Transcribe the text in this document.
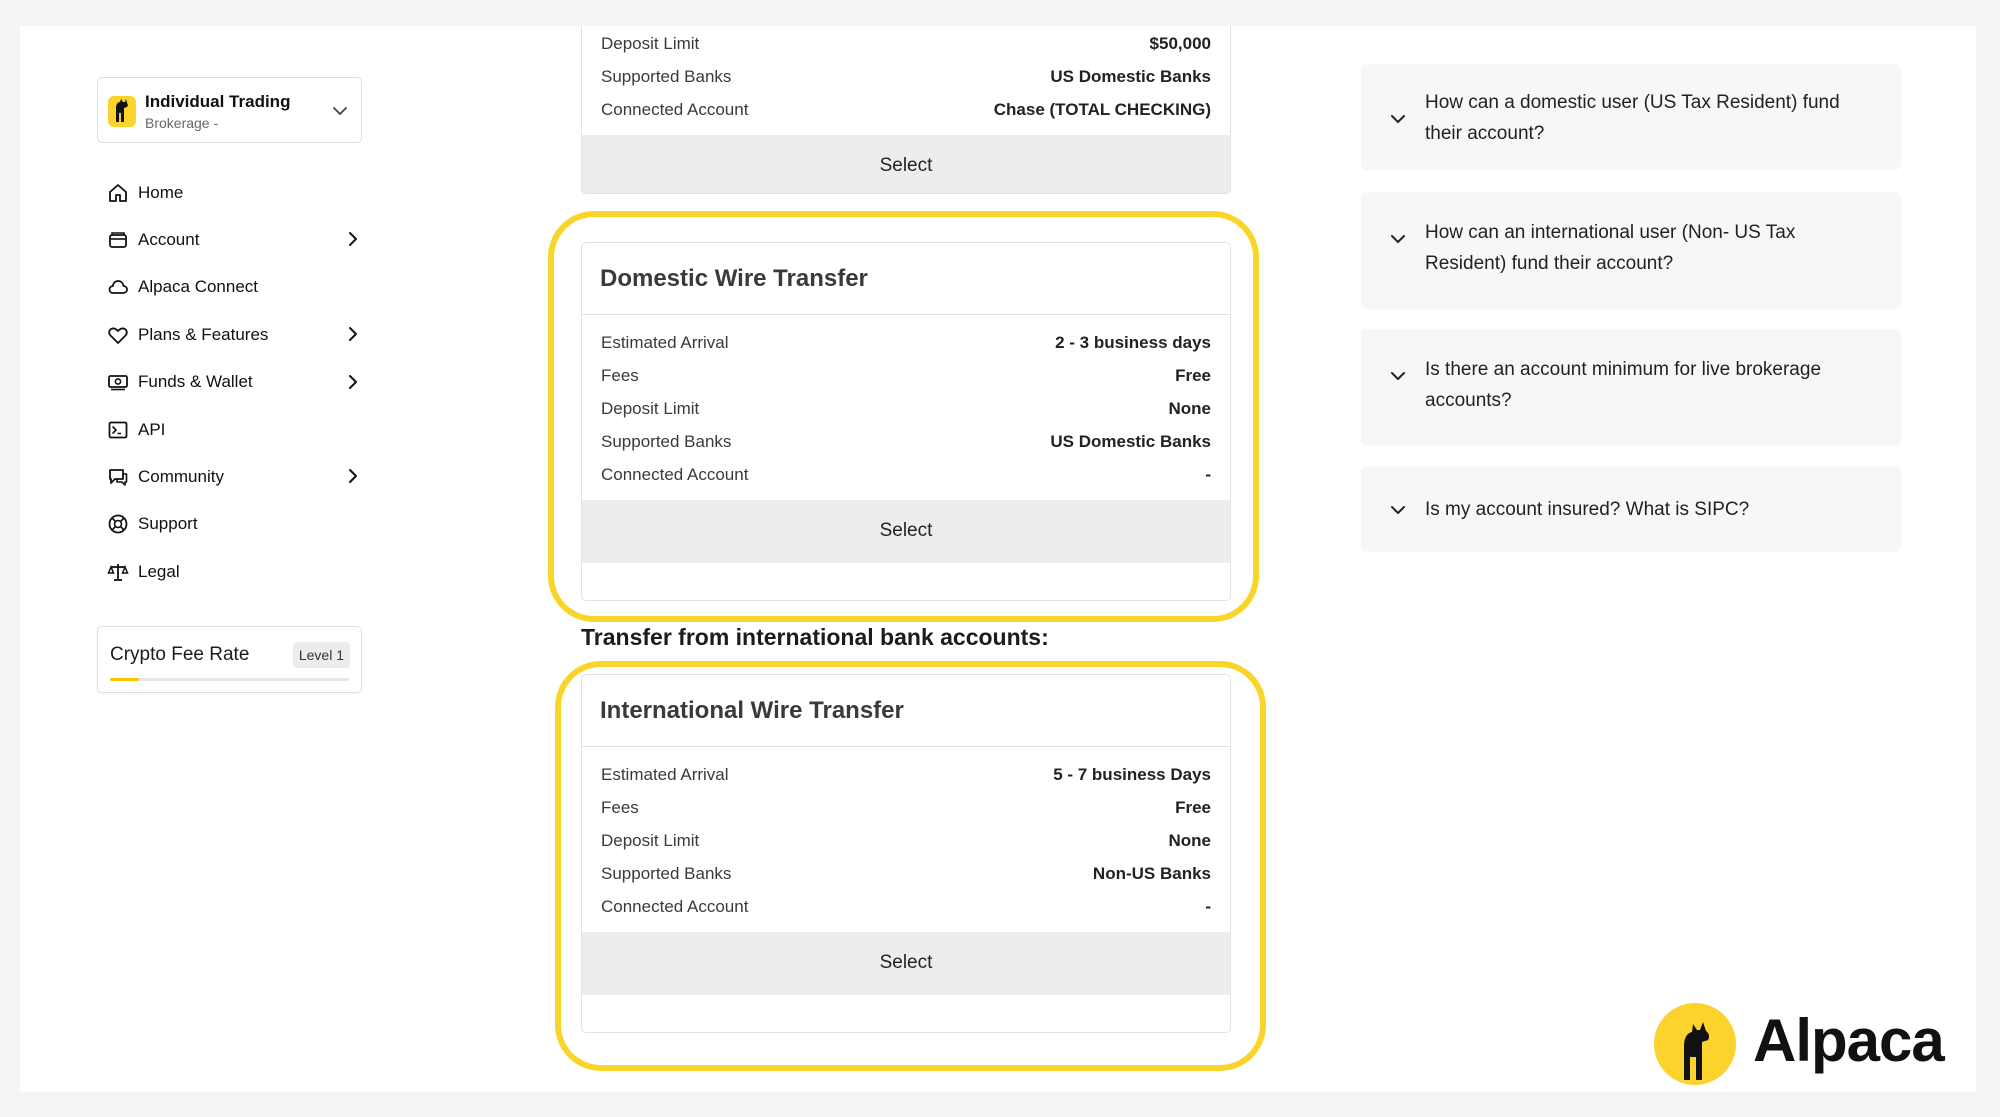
Individual Trading
Brokerage -
Home
Account
Alpaca Connect
Plans & Features
Funds & Wallet
API
Community
Support
Legal
Crypto Fee Rate	Level 1
Deposit Limit	$50,000
Supported Banks	US Domestic Banks
Connected Account	Chase (TOTAL CHECKING)
Select
Domestic Wire Transfer
Estimated Arrival	2 - 3 business days
Fees	Free
Deposit Limit	None
Supported Banks	US Domestic Banks
Connected Account	-
Select
Transfer from international bank accounts:
International Wire Transfer
Estimated Arrival	5 - 7 business Days
Fees	Free
Deposit Limit	None
Supported Banks	Non-US Banks
Connected Account	-
Select
How can a domestic user (US Tax Resident) fund their account?
How can an international user (Non- US Tax Resident) fund their account?
Is there an account minimum for live brokerage accounts?
Is my account insured? What is SIPC?
Alpaca
